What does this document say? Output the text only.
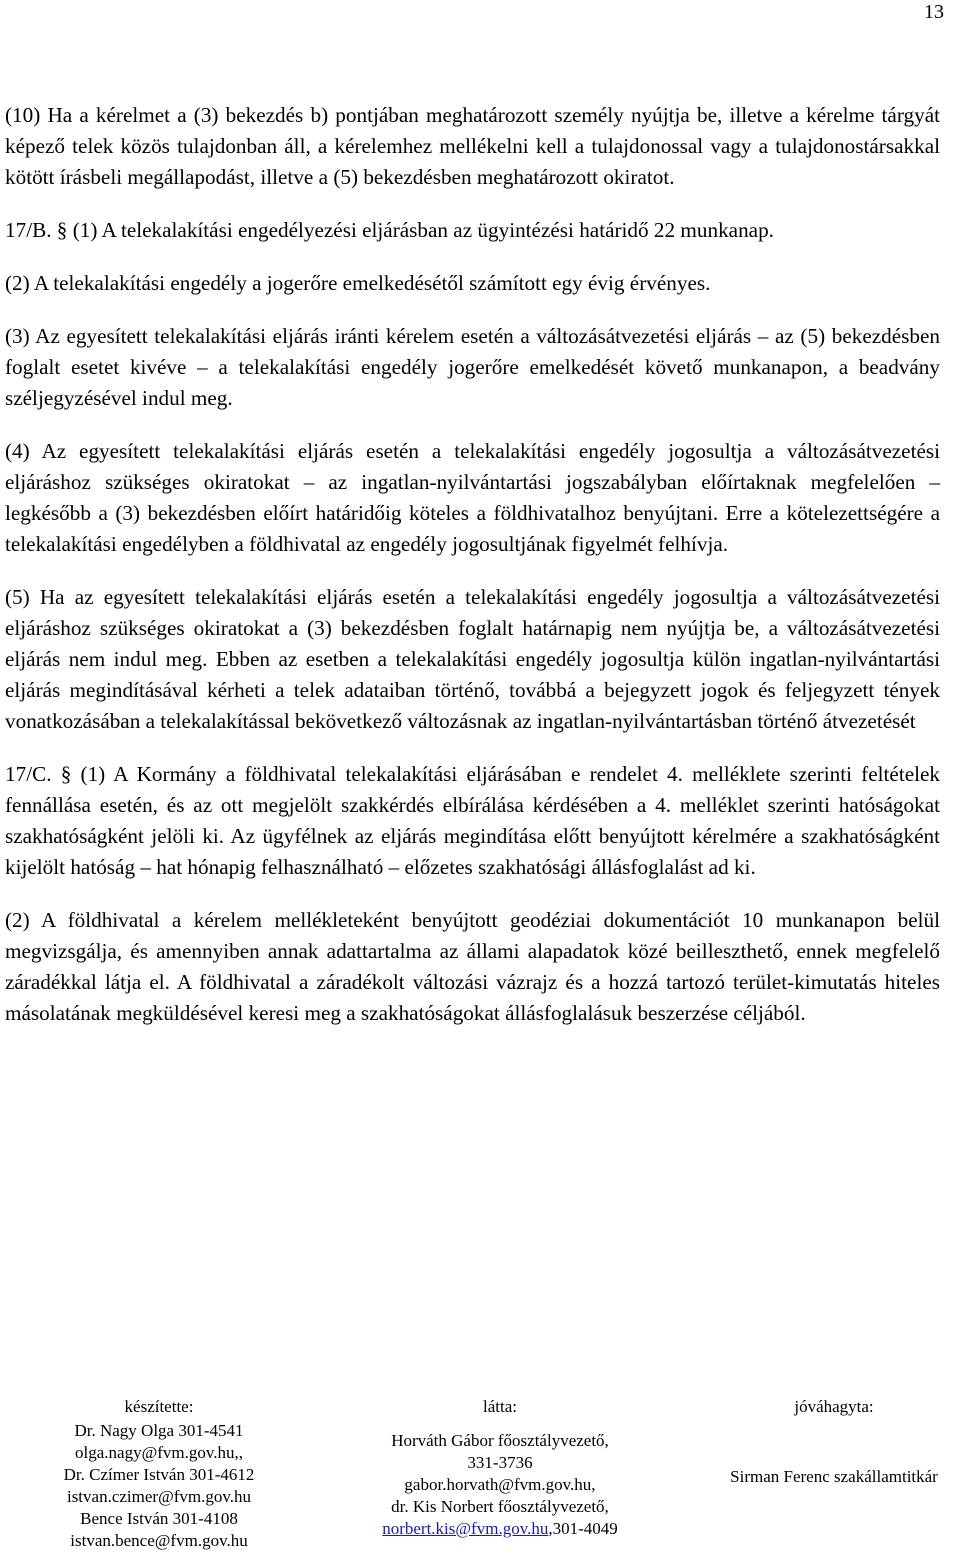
13

(10) Ha a kérelmet a (3) bekezdés b) pontjában meghatározott személy nyújtja be, illetve a kérelme tárgyát képező telek közös tulajdonban áll, a kérelemhez mellékelni kell a tulajdonossal vagy a tulajdonostársakkal kötött írásbeli megállapodást, illetve a (5) bekezdésben meghatározott okiratot.

17/B. § (1) A telekalakítási engedélyezési eljárásban az ügyintézési határidő 22 munkanap.

(2) A telekalakítási engedély a jogerőre emelkedésétől számított egy évig érvényes.

(3) Az egyesített telekalakítási eljárás iránti kérelem esetén a változásátvezetési eljárás – az (5) bekezdésben foglalt esetet kivéve – a telekalakítási engedély jogerőre emelkedését követő munkanapon, a beadvány széljegyzésével indul meg.

(4) Az egyesített telekalakítási eljárás esetén a telekalakítási engedély jogosultja a változásátvezetési eljáráshoz szükséges okiratokat – az ingatlan-nyilvántartási jogszabályban előírtaknak megfelelően – legkésőbb a (3) bekezdésben előírt határidőig köteles a földhivatalhoz benyújtani. Erre a kötelezettségére a telekalakítási engedélyben a földhivatal az engedély jogosultjának figyelmét felhívja.

(5) Ha az egyesített telekalakítási eljárás esetén a telekalakítási engedély jogosultja a változásátvezetési eljáráshoz szükséges okiratokat a (3) bekezdésben foglalt határnapig nem nyújtja be, a változásátvezetési eljárás nem indul meg. Ebben az esetben a telekalakítási engedély jogosultja külön ingatlan-nyilvántartási eljárás megindításával kérheti a telek adataiban történő, továbbá a bejegyzett jogok és feljegyzett tények vonatkozásában a telekalakítással bekövetkező változásnak az ingatlan-nyilvántartásban történő átvezetését

17/C. § (1) A Kormány a földhivatal telekalakítási eljárásában e rendelet 4. melléklete szerinti feltételek fennállása esetén, és az ott megjelölt szakkérdés elbírálása kérdésében a 4. melléklet szerinti hatóságokat szakhatóságként jelöli ki. Az ügyfélnek az eljárás megindítása előtt benyújtott kérelmére a szakhatóságként kijelölt hatóság – hat hónapig felhasználható – előzetes szakhatósági állásfoglalást ad ki.

(2) A földhivatal a kérelem mellékleteként benyújtott geodéziai dokumentációt 10 munkanapon belül megvizsgálja, és amennyiben annak adattartalma az állami alapadatok közé beilleszthető, ennek megfelelő záradékkal látja el. A földhivatal a záradékolt változási vázrajz és a hozzá tartozó terület-kimutatás hiteles másolatának megküldésével keresi meg a szakhatóságokat állásfoglalásuk beszerzése céljából.

készítette:
Dr. Nagy Olga 301-4541
olga.nagy@fvm.gov.hu,,
Dr. Czímer István 301-4612
istvan.czimer@fvm.gov.hu
Bence István 301-4108
istvan.bence@fvm.gov.hu
látta:
Horváth Gábor főosztályvezető,
331-3736
gabor.horvath@fvm.gov.hu,
dr. Kis Norbert főosztályvezető,
norbert.kis@fvm.gov.hu,301-4049
jóváhagyta:
Sirman Ferenc szakállamtitkár
